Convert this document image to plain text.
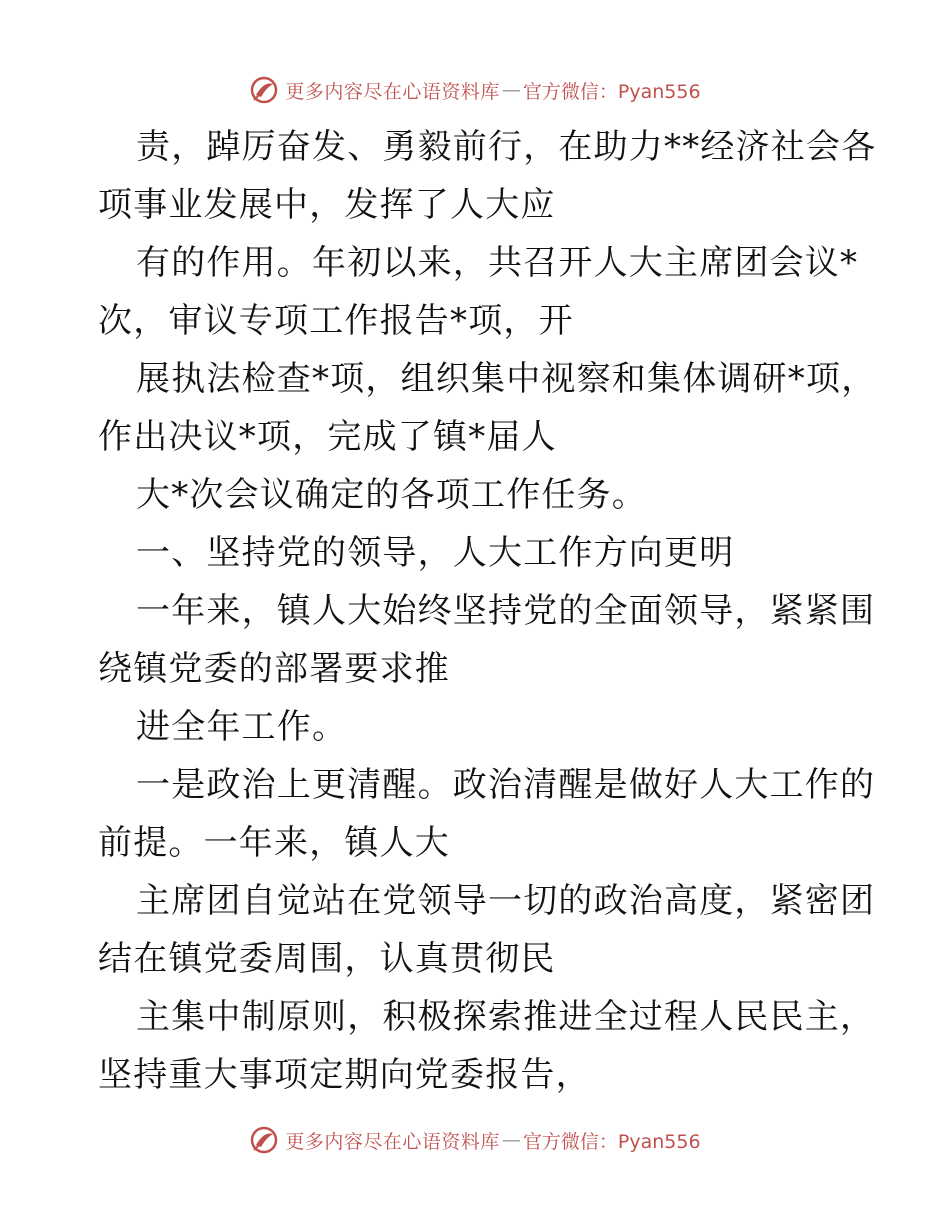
更多内容尽在心语资料库 — 官方微信：Pyan556
责，踔厉奋发、勇毅前行，在助力**经济社会各
项事业发展中，发挥了人大应
有的作用。年初以来，共召开人大主席团会议*
次，审议专项工作报告*项，开
展执法检查*项，组织集中视察和集体调研*项，
作出决议*项，完成了镇*届人
大*次会议确定的各项工作任务。
一、坚持党的领导，人大工作方向更明
一年来，镇人大始终坚持党的全面领导，紧紧围
绕镇党委的部署要求推
进全年工作。
一是政治上更清醒。政治清醒是做好人大工作的
前提。一年来，镇人大
主席团自觉站在党领导一切的政治高度，紧密团
结在镇党委周围，认真贯彻民
主集中制原则，积极探索推进全过程人民民主，
坚持重大事项定期向党委报告，
更多内容尽在心语资料库 — 官方微信：Pyan556
